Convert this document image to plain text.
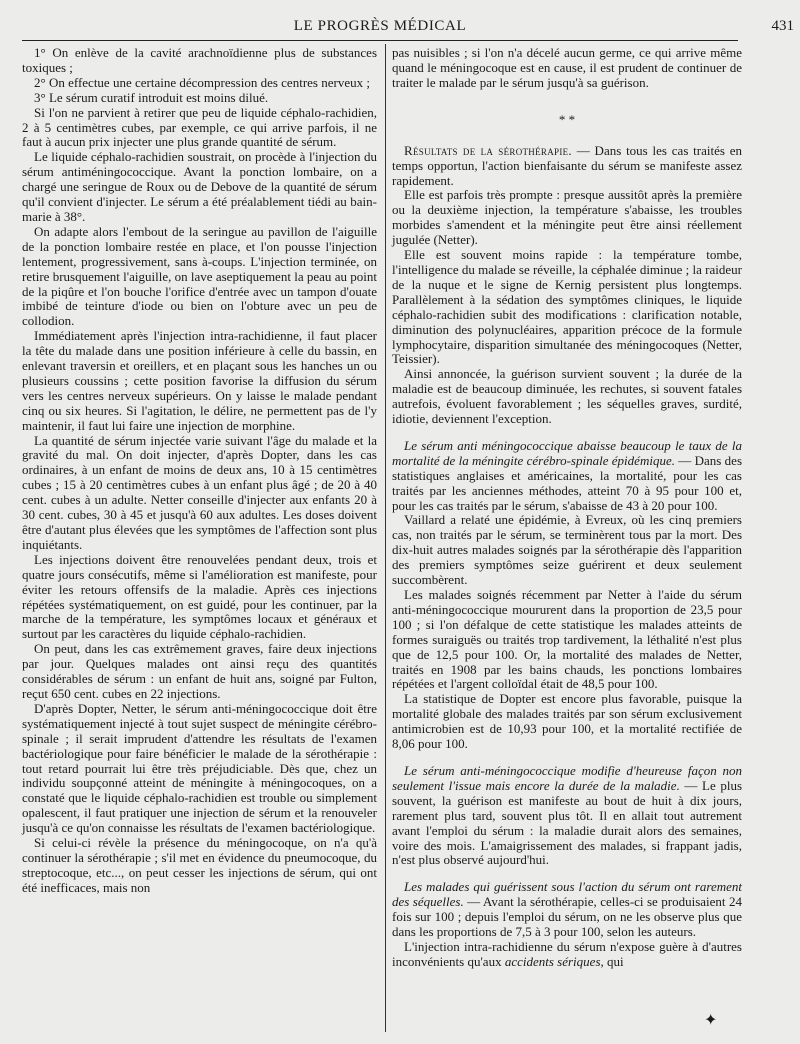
LE PROGRÈS MÉDICAL	431

1° On enlève de la cavité arachnoïdienne plus de substances toxiques ;

2° On effectue une certaine décompression des centres nerveux ;

3° Le sérum curatif introduit est moins dilué.

Si l'on ne parvient à retirer que peu de liquide céphalo-rachidien, 2 à 5 centimètres cubes, par exemple, ce qui arrive parfois, il ne faut à aucun prix injecter une plus grande quantité de sérum.

Le liquide céphalo-rachidien soustrait, on procède à l'injection du sérum antiméningococcique. Avant la ponction lombaire, on a chargé une seringue de Roux ou de Debove de la quantité de sérum qu'il convient d'injecter. Le sérum a été préalablement tiédi au bain-marie à 38°.

On adapte alors l'embout de la seringue au pavillon de l'aiguille de la ponction lombaire restée en place, et l'on pousse l'injection lentement, progressivement, sans à-coups. L'injection terminée, on retire brusquement l'aiguille, on lave aseptiquement la peau au point de la piqûre et l'on bouche l'orifice d'entrée avec un tampon d'ouate imbibé de teinture d'iode ou bien on l'obture avec un peu de collodion.

Immédiatement après l'injection intra-rachidienne, il faut placer la tête du malade dans une position inférieure à celle du bassin, en enlevant traversin et oreillers, et en plaçant sous les hanches un ou plusieurs coussins ; cette position favorise la diffusion du sérum vers les centres nerveux supérieurs. On y laisse le malade pendant cinq ou six heures. Si l'agitation, le délire, ne permettent pas de l'y maintenir, il faut lui faire une injection de morphine.

La quantité de sérum injectée varie suivant l'âge du malade et la gravité du mal. On doit injecter, d'après Dopter, dans les cas ordinaires, à un enfant de moins de deux ans, 10 à 15 centimètres cubes ; 15 à 20 centimètres cubes à un enfant plus âgé ; de 20 à 40 cent. cubes à un adulte. Netter conseille d'injecter aux enfants 20 à 30 cent. cubes, 30 à 45 et jusqu'à 60 aux adultes. Les doses doivent être d'autant plus élevées que les symptômes de l'affection sont plus inquiétants.

Les injections doivent être renouvelées pendant deux, trois et quatre jours consécutifs, même si l'amélioration est manifeste, pour éviter les retours offensifs de la maladie. Après ces injections répétées systématiquement, on est guidé, pour les continuer, par la marche de la température, les symptômes locaux et généraux et surtout par les caractères du liquide céphalo-rachidien.

On peut, dans les cas extrêmement graves, faire deux injections par jour. Quelques malades ont ainsi reçu des quantités considérables de sérum : un enfant de huit ans, soigné par Fulton, reçut 650 cent. cubes en 22 injections.

D'après Dopter, Netter, le sérum anti-méningococcique doit être systématiquement injecté à tout sujet suspect de méningite cérébro-spinale ; il serait imprudent d'attendre les résultats de l'examen bactériologique pour faire bénéficier le malade de la sérothérapie : tout retard pourrait lui être très préjudiciable. Dès que, chez un individu soupçonné atteint de méningite à méningocoques, on a constaté que le liquide céphalo-rachidien est trouble ou simplement opalescent, il faut pratiquer une injection de sérum et la renouveler jusqu'à ce qu'on connaisse les résultats de l'examen bactériologique.

Si celui-ci révèle la présence du méningocoque, on n'a qu'à continuer la sérothérapie ; s'il met en évidence du pneumocoque, du streptocoque, etc..., on peut cesser les injections de sérum, qui ont été inefficaces, mais non

pas nuisibles ; si l'on n'a décelé aucun germe, ce qui arrive même quand le méningocoque est en cause, il est prudent de continuer de traiter le malade par le sérum jusqu'à sa guérison.

* *

Résultats de la sérothérapie. — Dans tous les cas traités en temps opportun, l'action bienfaisante du sérum se manifeste assez rapidement.

Elle est parfois très prompte : presque aussitôt après la première ou la deuxième injection, la température s'abaisse, les troubles morbides s'amendent et la méningite peut être ainsi réellement jugulée (Netter).

Elle est souvent moins rapide : la température tombe, l'intelligence du malade se réveille, la céphalée diminue ; la raideur de la nuque et le signe de Kernig persistent plus longtemps. Parallèlement à la sédation des symptômes cliniques, le liquide céphalo-rachidien subit des modifications : clarification notable, diminution des polynucléaires, apparition précoce de la formule lymphocytaire, disparition simultanée des méningocoques (Netter, Teissier).

Ainsi annoncée, la guérison survient souvent ; la durée de la maladie est de beaucoup diminuée, les rechutes, si souvent fatales autrefois, évoluent favorablement ; les séquelles graves, surdité, idiotie, deviennent l'exception.

Le sérum anti méningococcique abaisse beaucoup le taux de la mortalité de la méningite cérébro-spinale épidémique. — Dans des statistiques anglaises et américaines, la mortalité, pour les cas traités par les anciennes méthodes, atteint 70 à 95 pour 100 et, pour les cas traités par le sérum, s'abaisse de 43 à 20 pour 100.

Vaillard a relaté une épidémie, à Evreux, où les cinq premiers cas, non traités par le sérum, se terminèrent tous par la mort. Des dix-huit autres malades soignés par la sérothérapie dès l'apparition des premiers symptômes seize guérirent et deux seulement succombèrent.

Les malades soignés récemment par Netter à l'aide du sérum anti-méningococcique moururent dans la proportion de 23,5 pour 100 ; si l'on défalque de cette statistique les malades atteints de formes suraiguës ou traités trop tardivement, la léthalité n'est plus que de 12,5 pour 100. Or, la mortalité des malades de Netter, traités en 1908 par les bains chauds, les ponctions lombaires répétées et l'argent colloïdal était de 48,5 pour 100.

La statistique de Dopter est encore plus favorable, puisque la mortalité globale des malades traités par son sérum exclusivement antimicrobien est de 10,93 pour 100, et la mortalité rectifiée de 8,06 pour 100.

Le sérum anti-méningococcique modifie d'heureuse façon non seulement l'issue mais encore la durée de la maladie. — Le plus souvent, la guérison est manifeste au bout de huit à dix jours, rarement plus tard, souvent plus tôt. Il en allait tout autrement avant l'emploi du sérum : la maladie durait alors des semaines, voire des mois. L'amaigrissement des malades, si frappant jadis, n'est plus observé aujourd'hui.

Les malades qui guérissent sous l'action du sérum ont rarement des séquelles. — Avant la sérothérapie, celles-ci se produisaient 24 fois sur 100 ; depuis l'emploi du sérum, on ne les observe plus que dans les proportions de 7,5 à 3 pour 100, selon les auteurs.

L'injection intra-rachidienne du sérum n'expose guère à d'autres inconvénients qu'aux accidents sériques, qui

✦
